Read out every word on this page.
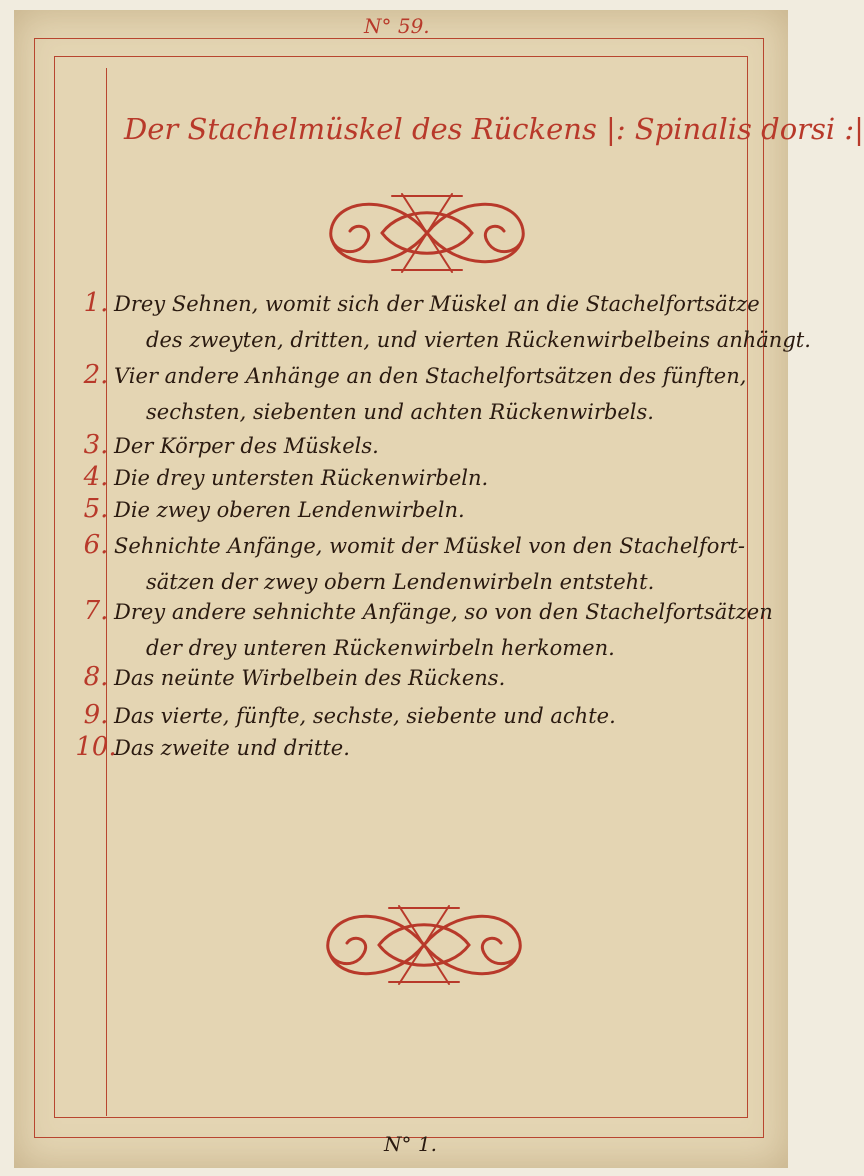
N° 59.
Der Stachelmüskel des Rückens |: Spinalis dorsi :|
1. Drey Sehnen, womit sich der Müskel an die Stachelfortsätze
des zweyten, dritten, und vierten Rückenwirbelbeins anhängt.
2. Vier andere Anhänge an den Stachelfortsätzen des fünften,
sechsten, siebenten und achten Rückenwirbels.
3. Der Körper des Müskels.
4. Die drey untersten Rückenwirbeln.
5. Die zwey oberen Lendenwirbeln.
6. Sehnichte Anfänge, womit der Müskel von den Stachelfort-
sätzen der zwey obern Lendenwirbeln entsteht.
7. Drey andere sehnichte Anfänge, so von den Stachelfortsätzen
der drey unteren Rückenwirbeln herkomen.
8. Das neünte Wirbelbein des Rückens.
9. Das vierte, fünfte, sechste, siebente und achte.
10.
Das zweite und dritte.
N° 1.
